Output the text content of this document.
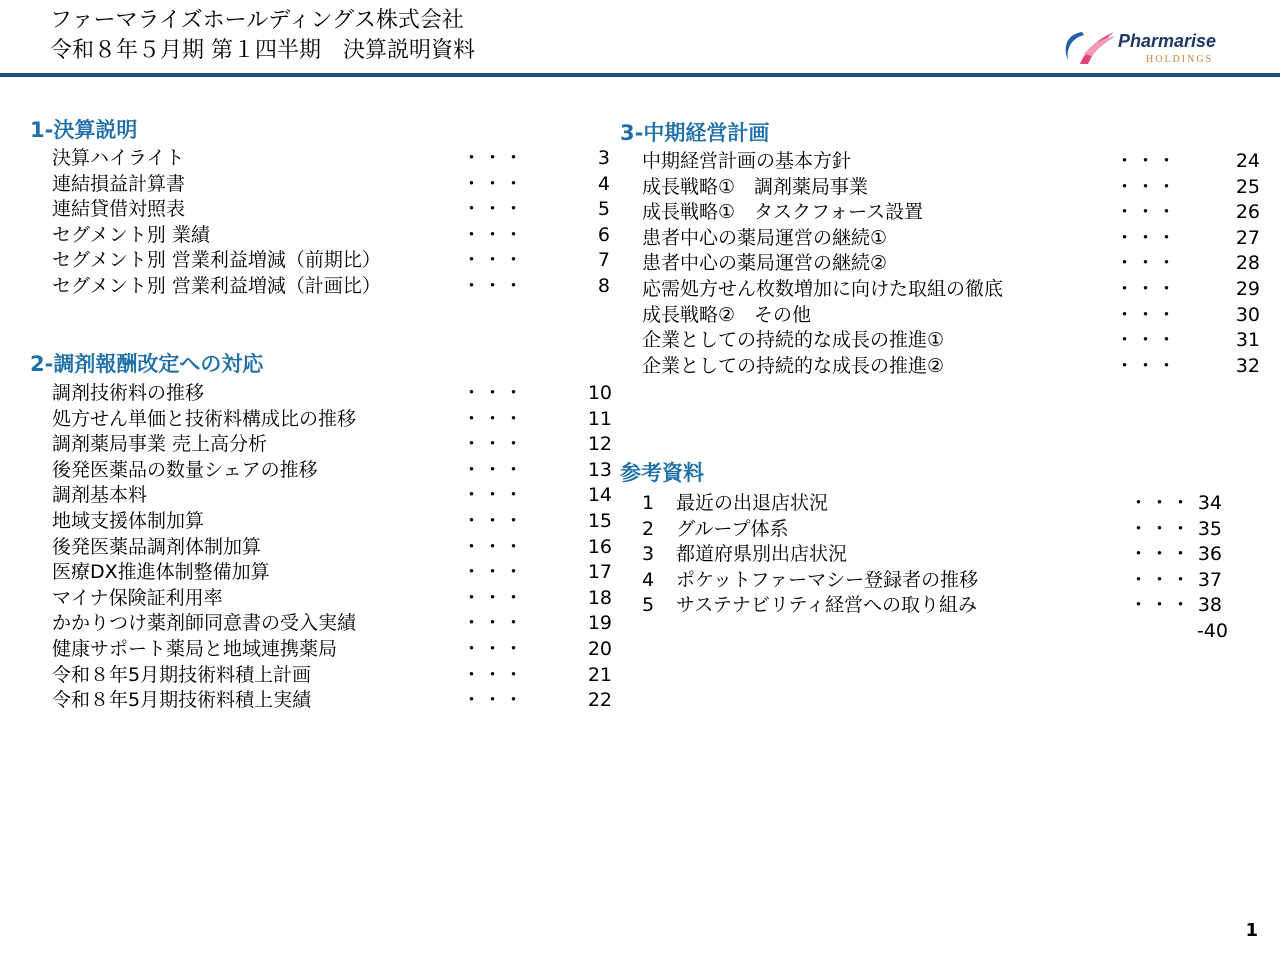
ファーマライズホールディングス株式会社
令和８年５月期 第１四半期　決算説明資料	Pharmarise
HOLDINGS
1-決算説明
決算ハイライト	・・・	3
連結損益計算書	・・・	4
連結貸借対照表	・・・	5
セグメント別 業績	・・・	6
セグメント別 営業利益増減（前期比）	・・・	7
セグメント別 営業利益増減（計画比）	・・・	8
2-調剤報酬改定への対応
調剤技術料の推移	・・・	10
処方せん単価と技術料構成比の推移	・・・	11
調剤薬局事業 売上高分析	・・・	12
後発医薬品の数量シェアの推移	・・・	13
調剤基本料	・・・	14
地域支援体制加算	・・・	15
後発医薬品調剤体制加算	・・・	16
医療DX推進体制整備加算	・・・	17
マイナ保険証利用率	・・・	18
かかりつけ薬剤師同意書の受入実績	・・・	19
健康サポート薬局と地域連携薬局	・・・	20
令和８年5月期技術料積上計画	・・・	21
令和８年5月期技術料積上実績	・・・	22
3-中期経営計画
中期経営計画の基本方針	・・・	24
成長戦略①　調剤薬局事業	・・・	25
成長戦略①　タスクフォース設置	・・・	26
患者中心の薬局運営の継続①	・・・	27
患者中心の薬局運営の継続②	・・・	28
応需処方せん枚数増加に向けた取組の徹底	・・・	29
成長戦略②　その他	・・・	30
企業としての持続的な成長の推進①	・・・	31
企業としての持続的な成長の推進②	・・・	32
参考資料
1 最近の出退店状況	・・・ 34
2 グループ体系	・・・ 35
3 都道府県別出店状況	・・・ 36
4 ポケットファーマシー登録者の推移	・・・ 37
5 サステナビリティ経営への取り組み	・・・ 38
-40
1
